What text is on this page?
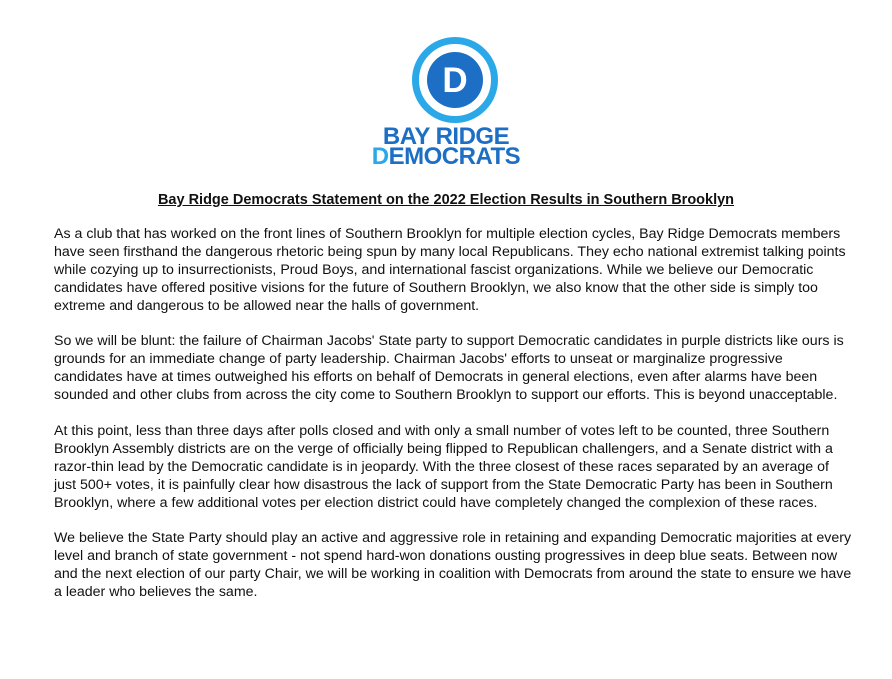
D
BAY RIDGE
DEMOCRATS
Bay Ridge Democrats Statement on the 2022 Election Results in Southern Brooklyn

As a club that has worked on the front lines of Southern Brooklyn for multiple election cycles, Bay Ridge Democrats members have seen firsthand the dangerous rhetoric being spun by many local Republicans. They echo national extremist talking points while cozying up to insurrectionists, Proud Boys, and international fascist organizations. While we believe our Democratic candidates have offered positive visions for the future of Southern Brooklyn, we also know that the other side is simply too extreme and dangerous to be allowed near the halls of government.

So we will be blunt: the failure of Chairman Jacobs' State party to support Democratic candidates in purple districts like ours is grounds for an immediate change of party leadership. Chairman Jacobs' efforts to unseat or marginalize progressive candidates have at times outweighed his efforts on behalf of Democrats in general elections, even after alarms have been sounded and other clubs from across the city come to Southern Brooklyn to support our efforts. This is beyond unacceptable.

At this point, less than three days after polls closed and with only a small number of votes left to be counted, three Southern Brooklyn Assembly districts are on the verge of officially being flipped to Republican challengers, and a Senate district with a razor-thin lead by the Democratic candidate is in jeopardy. With the three closest of these races separated by an average of just 500+ votes, it is painfully clear how disastrous the lack of support from the State Democratic Party has been in Southern Brooklyn, where a few additional votes per election district could have completely changed the complexion of these races.

We believe the State Party should play an active and aggressive role in retaining and expanding Democratic majorities at every level and branch of state government - not spend hard-won donations ousting progressives in deep blue seats. Between now and the next election of our party Chair, we will be working in coalition with Democrats from around the state to ensure we have a leader who believes the same.
